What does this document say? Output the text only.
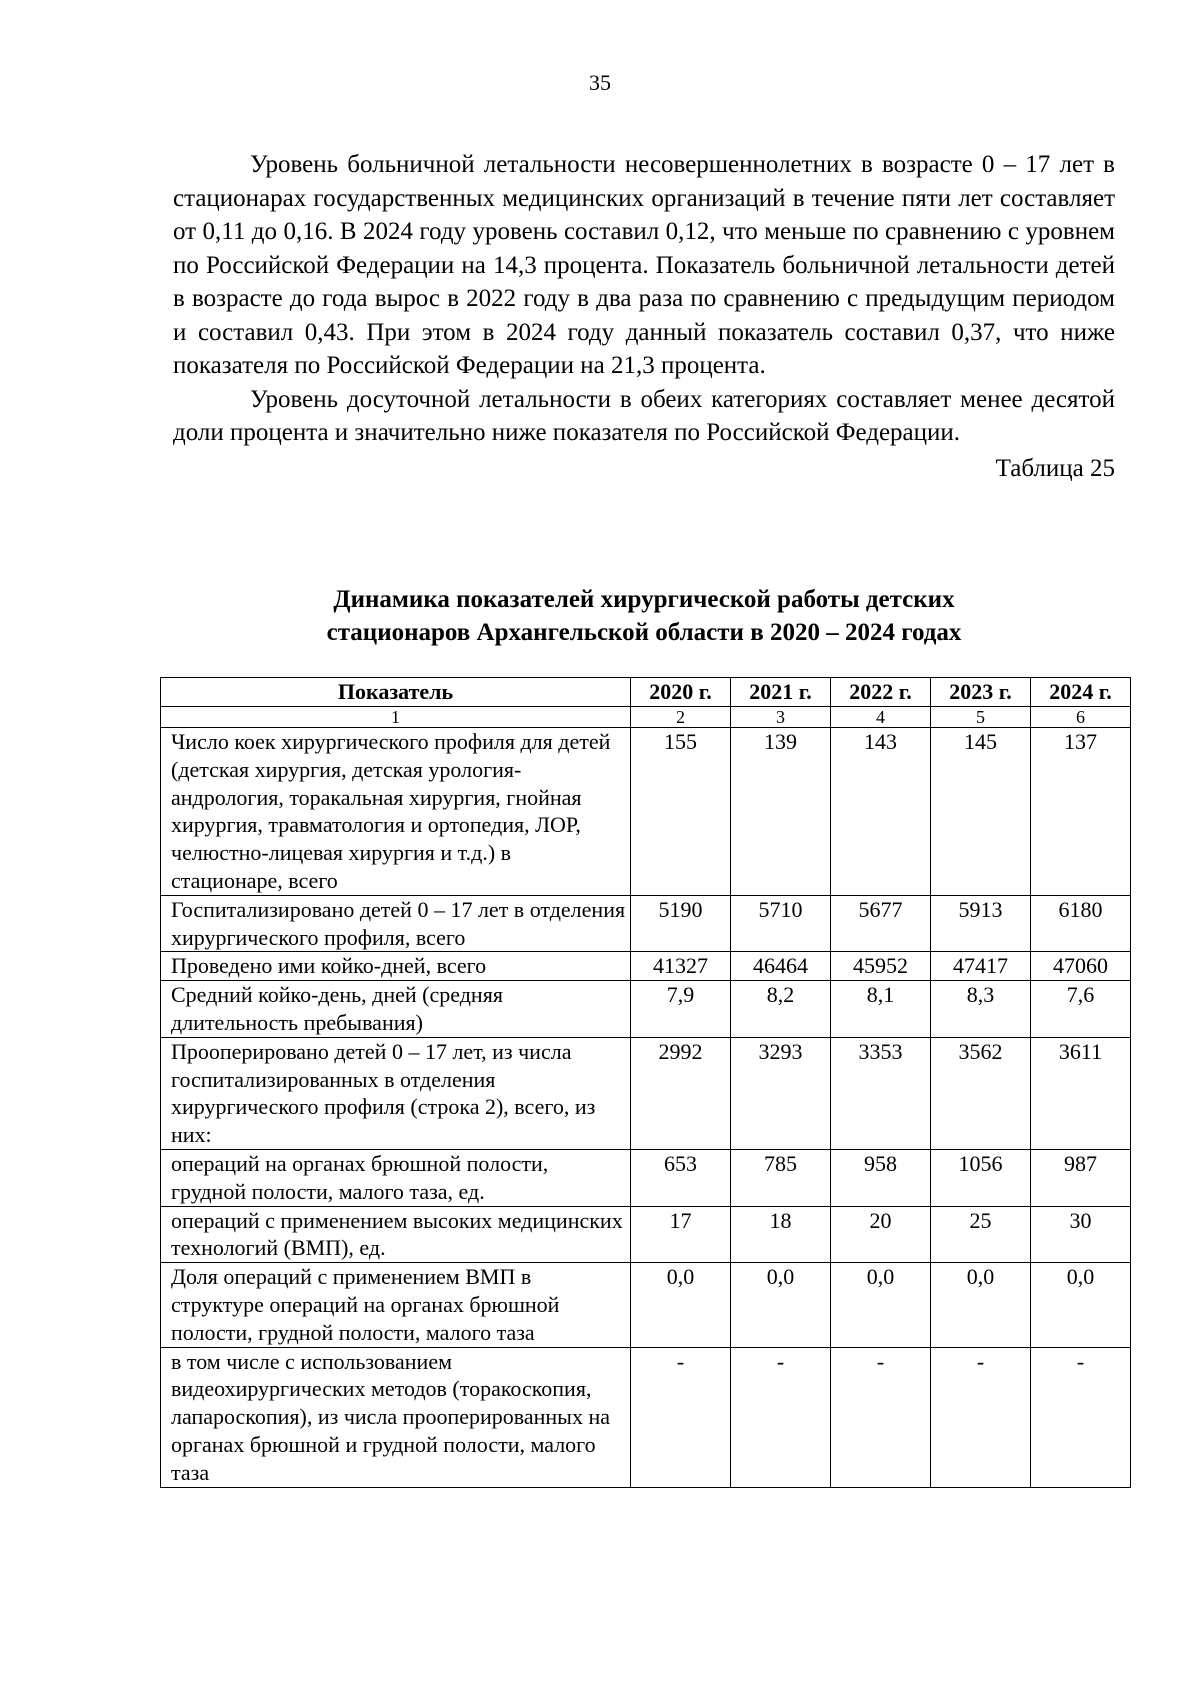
35

Уровень больничной летальности несовершеннолетних в возрасте 0 – 17 лет в стационарах государственных медицинских организаций в течение пяти лет составляет от 0,11 до 0,16. В 2024 году уровень составил 0,12, что меньше по сравнению с уровнем по Российской Федерации на 14,3 процента. Показатель больничной летальности детей в возрасте до года вырос в 2022 году в два раза по сравнению с предыдущим периодом и составил 0,43. При этом в 2024 году данный показатель составил 0,37, что ниже показателя по Российской Федерации на 21,3 процента.

Уровень досуточной летальности в обеих категориях составляет менее десятой доли процента и значительно ниже показателя по Российской Федерации.

Таблица 25
Динамика показателей хирургической работы детских
стационаров Архангельской области в 2020 – 2024 годах
Показатель	2020 г.	2021 г.	2022 г.	2023 г.	2024 г.
1	2	3	4	5	6
Число коек хирургического профиля для детей (детская хирургия, детская урология-андрология, торакальная хирургия, гнойная хирургия, травматология и ортопедия, ЛОР, челюстно-лицевая хирургия и т.д.) в стационаре, всего	155	139	143	145	137
Госпитализировано детей 0 – 17 лет в отделения хирургического профиля, всего	5190	5710	5677	5913	6180
Проведено ими койко-дней, всего	41327	46464	45952	47417	47060
Средний койко-день, дней (средняя длительность пребывания)	7,9	8,2	8,1	8,3	7,6
Прооперировано детей 0 – 17 лет, из числа госпитализированных в отделения хирургического профиля (строка 2), всего, из них:	2992	3293	3353	3562	3611
операций на органах брюшной полости, грудной полости, малого таза, ед.	653	785	958	1056	987
операций с применением высоких медицинских технологий (ВМП), ед.	17	18	20	25	30
Доля операций с применением ВМП в структуре операций на органах брюшной полости, грудной полости, малого таза	0,0	0,0	0,0	0,0	0,0
в том числе с использованием видеохирургических методов (торакоскопия, лапароскопия), из числа прооперированных на органах брюшной и грудной полости, малого таза	-	-	-	-	-
